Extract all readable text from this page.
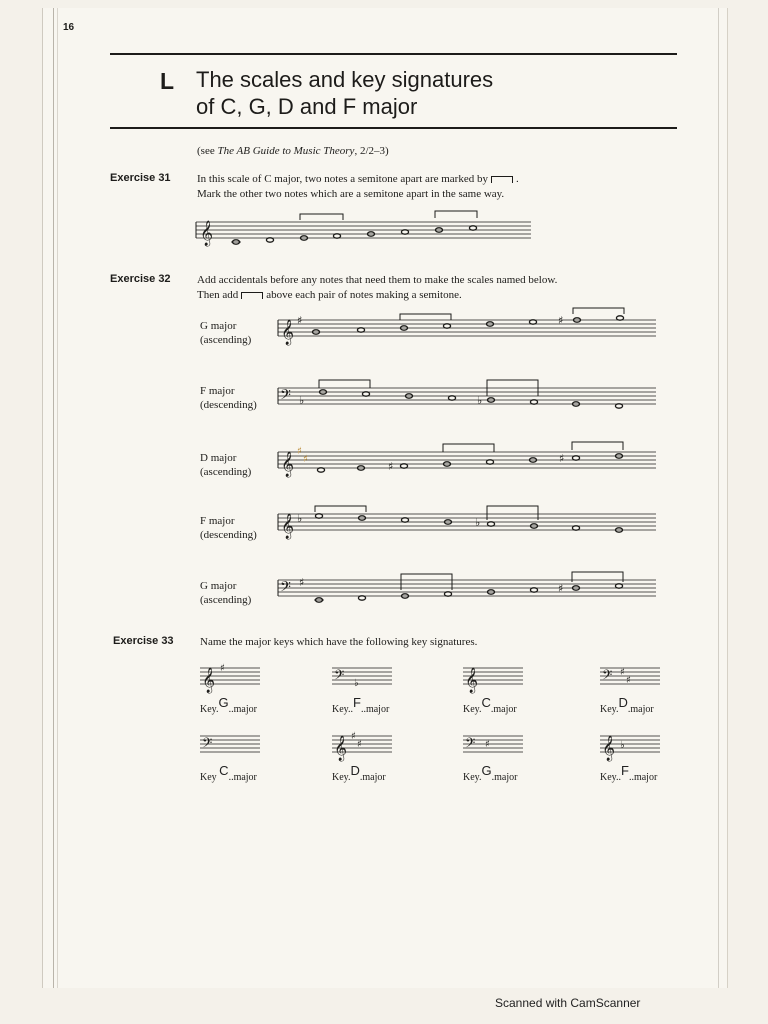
16
L The scales and key signatures
of C, G, D and F major
(see The AB Guide to Music Theory, 2/2–3)
Exercise 31 In this scale of C major, two notes a semitone apart are marked by	.
Mark the other two notes which are a semitone apart in the same way.
𝄞
Exercise 32 Add accidentals before any notes that need them to make the scales named below.
Then add	above each pair of notes making a semitone.
G major
(ascending) 𝄞 ♯	♯
F major
(descending) 𝄢 ♭	♭
D major
(ascending) 𝄞
♯
♯
♯
♯
F major
(descending) 𝄞 ♭	♭
G major
(ascending)
𝄢 ♯	♯
Exercise 33 Name the major keys which have the following key signatures.
𝄞 ♯
Key.G..major
𝄢 ♭
Key..F..major
𝄞
Key.C.major
𝄢 ♯
♯
Key.D.major
𝄢
Key C..major
𝄞 ♯
♯
Key.D.major
𝄢 ♯
Key.G.major
𝄞 ♭
Key..F..major
Scanned with CamScanner
